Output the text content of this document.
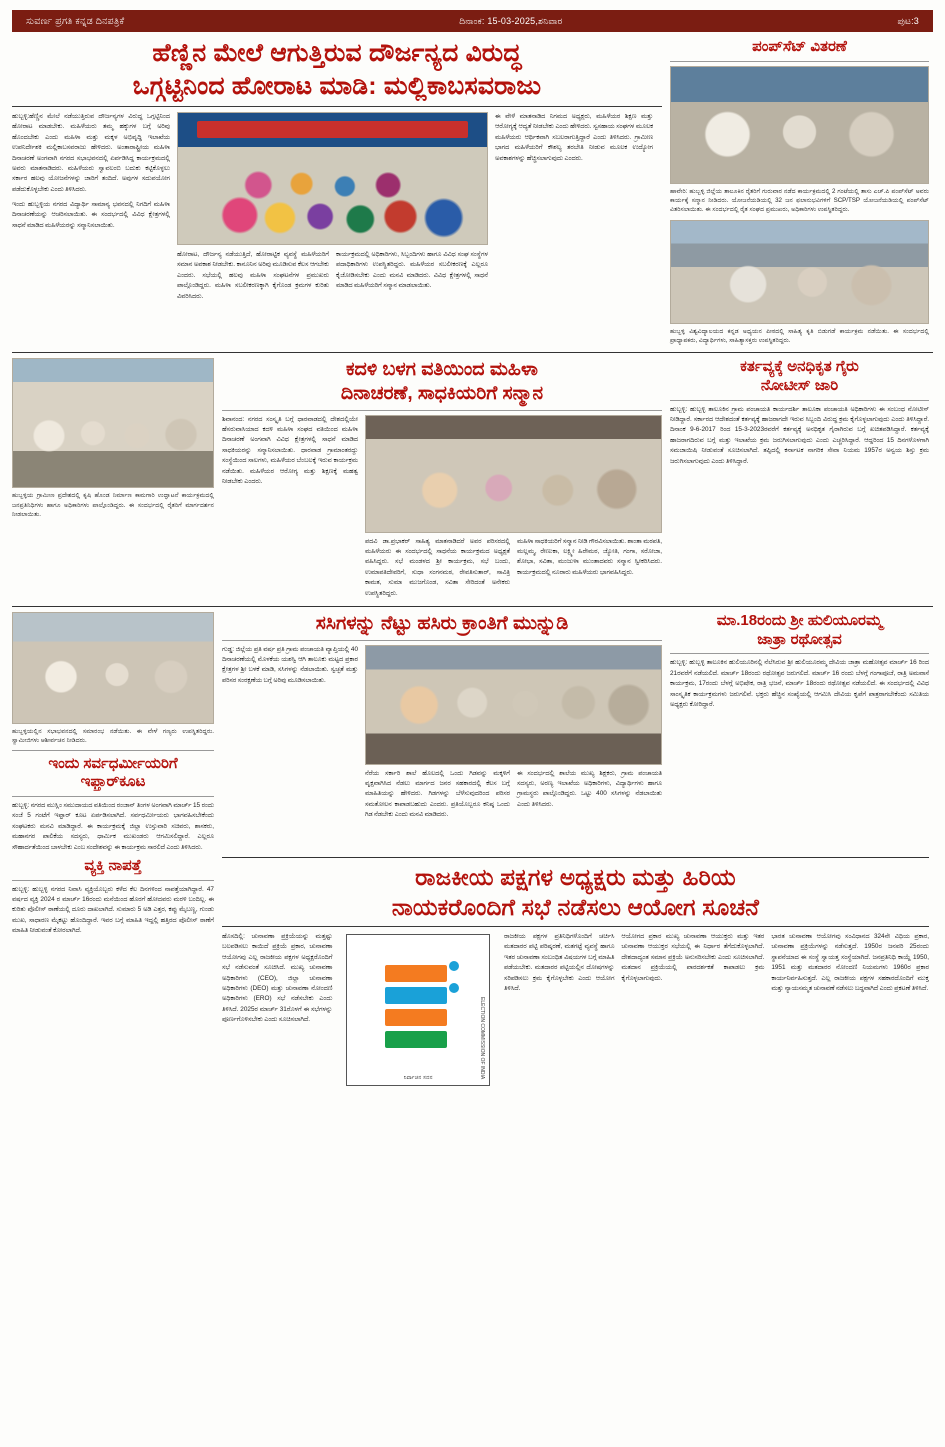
ಸುವರ್ಣ ಪ್ರಗತಿ ಕನ್ನಡ ದಿನಪತ್ರಿಕೆ	ದಿನಾಂಕ: 15-03-2025,ಶನಿವಾರ	ಪುಟ:3
ಹೆಣ್ಣಿನ ಮೇಲೆ ಆಗುತ್ತಿರುವ ದೌರ್ಜನ್ಯದ ವಿರುದ್ಧ
ಒಗ್ಗಟ್ಟಿನಿಂದ ಹೋರಾಟ ಮಾಡಿ: ಮಲ್ಲಿಕಾಬಸವರಾಜು
ಹುಬ್ಬಳ್ಳಿ:ಹೆಣ್ಣಿನ ಮೇಲೆ ನಡೆಯುತ್ತಿರುವ ದೌರ್ಜನ್ಯಗಳ ವಿರುದ್ಧ ಒಗ್ಗಟ್ಟಿನಿಂದ ಹೋರಾಟ ಮಾಡಬೇಕು. ಮಹಿಳೆಯರು ತಮ್ಮ ಹಕ್ಕುಗಳ ಬಗ್ಗೆ ಅರಿವು ಹೊಂದಬೇಕು ಎಂದು ಮಹಿಳಾ ಮತ್ತು ಮಕ್ಕಳ ಅಭಿವೃದ್ಧಿ ಇಲಾಖೆಯ ಉಪನಿರ್ದೇಶಕಿ ಮಲ್ಲಿಕಾಬಸವರಾಜು ಹೇಳಿದರು. ಅಂತಾರಾಷ್ಟ್ರೀಯ ಮಹಿಳಾ ದಿನಾಚರಣೆ ಅಂಗವಾಗಿ ನಗರದ ಸಭಾಭವನದಲ್ಲಿ ಏರ್ಪಡಿಸಿದ್ದ ಕಾರ್ಯಕ್ರಮದಲ್ಲಿ ಅವರು ಮಾತನಾಡಿದರು. ಮಹಿಳೆಯರು ಸ್ವಾವಲಂಬಿ ಬದುಕು ಕಟ್ಟಿಕೊಳ್ಳಲು ಸರ್ಕಾರ ಹಲವು ಯೋಜನೆಗಳನ್ನು ಜಾರಿಗೆ ತಂದಿದೆ. ಅವುಗಳ ಸದುಪಯೋಗ ಪಡೆದುಕೊಳ್ಳಬೇಕು ಎಂದು ತಿಳಿಸಿದರು.
ಇಂದು ಹುಬ್ಬಳ್ಳಿಯ ನಗರದ ವಿದ್ಯಾರ್ಥಿ ಸಾಮಾನ್ಯ ಭವನದಲ್ಲಿ ನಿಗದಿಗೆ ಮಹಿಳಾ ದಿನಾಚರಣೆಯನ್ನು ಆಚರಿಸಲಾಯಿತು. ಈ ಸಂದರ್ಭದಲ್ಲಿ ವಿವಿಧ ಕ್ಷೇತ್ರಗಳಲ್ಲಿ ಸಾಧನೆ ಮಾಡಿದ ಮಹಿಳೆಯರನ್ನು ಸನ್ಮಾನಿಸಲಾಯಿತು.
ಹೋರಾಟ, ದೌರ್ಜನ್ಯ ನಡೆಯುತ್ತಿದೆ, ಹೋರಾಟ್ಟಿಕ ವ್ಯವಸ್ಥೆ ಮಹಿಳೆಯರಿಗೆ ಸಮಾನ ಅವಕಾಶ ನೀಡಬೇಕು. ಕಾನೂನಿನ ಅರಿವು ಮೂಡಿಸುವ ಕೆಲಸ ಆಗಬೇಕು ಎಂದರು. ಸಭೆಯಲ್ಲಿ ಹಲವು ಮಹಿಳಾ ಸಂಘಟನೆಗಳ ಪ್ರಮುಖರು ಪಾಲ್ಗೊಂಡಿದ್ದರು. ಮಹಿಳಾ ಸಬಲೀಕರಣಕ್ಕಾಗಿ ಕೈಗೊಂಡ ಕ್ರಮಗಳ ಕುರಿತು ವಿವರಿಸಿದರು.
ಕಾರ್ಯಕ್ರಮದಲ್ಲಿ ಅಧಿಕಾರಿಗಳು, ಸಿಬ್ಬಂದಿಗಳು ಹಾಗೂ ವಿವಿಧ ಸಂಘ ಸಂಸ್ಥೆಗಳ ಪದಾಧಿಕಾರಿಗಳು ಉಪಸ್ಥಿತರಿದ್ದರು. ಮಹಿಳೆಯರ ಸಬಲೀಕರಣಕ್ಕೆ ಎಲ್ಲರೂ ಕೈಜೋಡಿಸಬೇಕು ಎಂದು ಮನವಿ ಮಾಡಿದರು. ವಿವಿಧ ಕ್ಷೇತ್ರಗಳಲ್ಲಿ ಸಾಧನೆ ಮಾಡಿದ ಮಹಿಳೆಯರಿಗೆ ಸನ್ಮಾನ ಮಾಡಲಾಯಿತು.
ಈ ವೇಳೆ ಮಾತನಾಡಿದ ನಿಗಮದ ಅಧ್ಯಕ್ಷರು, ಮಹಿಳೆಯರ ಶಿಕ್ಷಣ ಮತ್ತು ಆರೋಗ್ಯಕ್ಕೆ ಆದ್ಯತೆ ನೀಡಬೇಕು ಎಂದು ಹೇಳಿದರು. ಸ್ವಸಹಾಯ ಸಂಘಗಳ ಮೂಲಕ ಮಹಿಳೆಯರು ಆರ್ಥಿಕವಾಗಿ ಸಬಲರಾಗುತ್ತಿದ್ದಾರೆ ಎಂದು ತಿಳಿಸಿದರು. ಗ್ರಾಮೀಣ ಭಾಗದ ಮಹಿಳೆಯರಿಗೆ ಕೌಶಲ್ಯ ತರಬೇತಿ ನೀಡುವ ಮೂಲಕ ಉದ್ಯೋಗ ಅವಕಾಶಗಳನ್ನು ಹೆಚ್ಚಿಸಲಾಗುವುದು ಎಂದರು.
ಪಂಪ್‌ಸೆಟ್ ವಿತರಣೆ
ಹಾವೇರಿ: ಹುಬ್ಬಳ್ಳಿ ಜಿಲ್ಲೆಯ ತಾಲೂಕಿನ ರೈತರಿಗೆ ಗುರುವಾರ ನಡೆದ ಕಾರ್ಯಕ್ರಮದಲ್ಲಿ 2 ಗಂಟೆಯಲ್ಲಿ ತಾಸು ಎಚ್.ಪಿ ಪಂಪ್‌ಸೆಟ್ ಅವರು ಕಾರ್ಯಕ್ಕೆ ಸನ್ಮಾನ ನೀಡಿದರು. ಯೋಜನೆಯಡಿಯಲ್ಲಿ 32 ಜನ ಫಲಾನುಭವಿಗಳಿಗೆ SCP/TSP ಯೋಜನೆಯಡಿಯಲ್ಲಿ ಪಂಪ್‌ಸೆಟ್ ವಿತರಿಸಲಾಯಿತು. ಈ ಸಂದರ್ಭದಲ್ಲಿ ರೈತ ಸಂಘದ ಪ್ರಮುಖರು, ಅಧಿಕಾರಿಗಳು ಉಪಸ್ಥಿತರಿದ್ದರು.
ಹುಬ್ಬಳ್ಳಿ ವಿಶ್ವವಿದ್ಯಾಲಯದ ಕನ್ನಡ ಅಧ್ಯಯನ ಪೀಠದಲ್ಲಿ ಸಾಹಿತ್ಯ ಕೃತಿ ಬಿಡುಗಡೆ ಕಾರ್ಯಕ್ರಮ ನಡೆಯಿತು. ಈ ಸಂದರ್ಭದಲ್ಲಿ ಪ್ರಾಧ್ಯಾಪಕರು, ವಿದ್ಯಾರ್ಥಿಗಳು, ಸಾಹಿತ್ಯಾಸಕ್ತರು ಉಪಸ್ಥಿತರಿದ್ದರು.
ಹುಬ್ಬಳ್ಳಿಯ ಗ್ರಾಮೀಣ ಪ್ರದೇಶದಲ್ಲಿ ಕೃಷಿ ಹೊಂಡ ನಿರ್ಮಾಣ ಕಾಮಗಾರಿ ಉದ್ಘಾಟನೆ ಕಾರ್ಯಕ್ರಮದಲ್ಲಿ ಜನಪ್ರತಿನಿಧಿಗಳು ಹಾಗೂ ಅಧಿಕಾರಿಗಳು ಪಾಲ್ಗೊಂಡಿದ್ದರು. ಈ ಸಂದರ್ಭದಲ್ಲಿ ರೈತರಿಗೆ ಮಾರ್ಗದರ್ಶನ ನೀಡಲಾಯಿತು.
ಕದಳಿ ಬಳಗ ವತಿಯಿಂದ ಮಹಿಳಾ
ದಿನಾಚರಣೆ, ಸಾಧಕಿಯರಿಗೆ ಸನ್ಮಾನ
ಶಿವಾನಂದ: ನಗರದ ಸಂಸ್ಕೃತಿ ಬಗ್ಗೆ ಧಾರವಾಡದಲ್ಲಿ ದೇಶದಲ್ಲಿಯೇ ಹೆಸರುವಾಸಿಯಾದ ಕದಳಿ ಮಹಿಳಾ ಸಂಘದ ವತಿಯಿಂದ ಮಹಿಳಾ ದಿನಾಚರಣೆ ಅಂಗವಾಗಿ ವಿವಿಧ ಕ್ಷೇತ್ರಗಳಲ್ಲಿ ಸಾಧನೆ ಮಾಡಿದ ಸಾಧಕಿಯರನ್ನು ಸನ್ಮಾನಿಸಲಾಯಿತು. ಧಾರವಾಡ ಗ್ರಾಮಾಂತರದ್ದು ಸಂಸ್ಥೆಯಿಂದ ಸಾಲಗಳು, ಮಹಿಳೆಯರ ಬೆಂಬಲಕ್ಕೆ ಇರುವ ಕಾರ್ಯಕ್ರಮ ನಡೆಯಿತು. ಮಹಿಳೆಯರ ಆರೋಗ್ಯ ಮತ್ತು ಶಿಕ್ಷಣಕ್ಕೆ ಮಹತ್ವ ನೀಡಬೇಕು ಎಂದರು.
ಪದವಿ ಡಾ.ಪ್ರಭಾಕರ್ ಸಾಹಿತ್ಯ ಮಾತನಾಡಿದರೆ ಅವರ ಪರಿಸರದಲ್ಲಿ ಮಹಿಳೆಯರು ಈ ಸಂದರ್ಭದಲ್ಲಿ ಸಾಧನೆಯ ಕಾರ್ಯಕ್ರಮದ ಅಧ್ಯಕ್ಷತೆ ವಹಿಸಿದ್ದರು. ಸಭೆ ಮಂಡಳದ ಶ್ರೀ ಕಾರ್ಯಕ್ರಮ, ಸಭೆ ಬಂದು, ಉಮಾಪತಿದೇವರಿಗೆ, ಸುಧಾ ಸಂಗನಮಠ, ರೇವತಿಸುತಾರ್, ಸಾವಿತ್ರಿ ಕಾಮತ, ಸುಮಾ ಮುಜಗೊಂಡ, ಸವಿತಾ ಸೇರಿದಂತೆ ಅನೇಕರು ಉಪಸ್ಥಿತರಿದ್ದರು.
ಮಹಿಳಾ ಸಾಧಕಿಯರಿಗೆ ಸನ್ಮಾನ ನೀಡಿ ಗೌರವಿಸಲಾಯಿತು. ಶಾಂತಾ ಮಠಪತಿ, ಮಲ್ಲಮ್ಮ, ರೇಣುಕಾ, ಲಕ್ಷ್ಮೀ ಹಿರೇಮಠ, ಜ್ಯೋತಿ, ಗಂಗಾ, ಸರೋಜಾ, ಶೋಭಾ, ಸವಿತಾ, ಮಂಜುಳಾ ಮುಂತಾದವರು ಸನ್ಮಾನ ಸ್ವೀಕರಿಸಿದರು. ಕಾರ್ಯಕ್ರಮದಲ್ಲಿ ನೂರಾರು ಮಹಿಳೆಯರು ಭಾಗವಹಿಸಿದ್ದರು.
ಕರ್ತವ್ಯಕ್ಕೆ ಅನಧಿಕೃತ ಗೈರು
ನೋಟೀಸ್ ಜಾರಿ
ಹುಬ್ಬಳ್ಳಿ: ಹುಬ್ಬಳ್ಳಿ ತಾಲೂಕಿನ ಗ್ರಾಮ ಪಂಚಾಯತಿ ಕಾರ್ಯದರ್ಶಿ ತಾಲೂಕಾ ಪಂಚಾಯತಿ ಅಧಿಕಾರಿಗಳು ಈ ಸಂಬಂಧ ನೋಟೀಸ್ ನೀಡಿದ್ದಾರೆ. ಸರ್ಕಾರದ ಆದೇಶದಂತೆ ಕರ್ತವ್ಯಕ್ಕೆ ಹಾಜರಾಗದೇ ಇರುವ ಸಿಬ್ಬಂದಿ ವಿರುದ್ಧ ಕ್ರಮ ಕೈಗೊಳ್ಳಲಾಗುವುದು ಎಂದು ತಿಳಿಸಿದ್ದಾರೆ. ದಿನಾಂಕ 9-6-2017 ರಿಂದ 15-3-2023ರವರೆಗೆ ಕರ್ತವ್ಯಕ್ಕೆ ಅನಧಿಕೃತ ಗೈರಾಗಿರುವ ಬಗ್ಗೆ ಖಚಿತಪಡಿಸಿದ್ದಾರೆ. ಕರ್ತವ್ಯಕ್ಕೆ ಹಾಜರಾಗದಿರುವ ಬಗ್ಗೆ ಮತ್ತು ಇಲಾಖೆಯ ಕ್ರಮ ಜರುಗಿಸಲಾಗುವುದು ಎಂದು ಎಚ್ಚರಿಸಿದ್ದಾರೆ. ಆದ್ದರಿಂದ 15 ದಿನಗಳೊಳಗಾಗಿ ಸಮಜಾಯಿಷಿ ನೀಡುವಂತೆ ಸೂಚಿಸಲಾಗಿದೆ. ತಪ್ಪಿದಲ್ಲಿ ಕರ್ನಾಟಕ ನಾಗರಿಕ ಸೇವಾ ನಿಯಮ 1957ರ ಅನ್ವಯ ಶಿಸ್ತು ಕ್ರಮ ಜರುಗಿಸಲಾಗುವುದು ಎಂದು ತಿಳಿಸಿದ್ದಾರೆ.
ಹುಬ್ಬಳ್ಳಿಯಲ್ಲಿನ ಸಭಾಭವನದಲ್ಲಿ ಸಮಾರಂಭ ನಡೆಯಿತು. ಈ ವೇಳೆ ಗಣ್ಯರು ಉಪಸ್ಥಿತರಿದ್ದರು. ಸ್ವಾಮೀಜಿಗಳು ಆಶೀರ್ವಚನ ನೀಡಿದರು.
ಇಂದು ಸರ್ವಧರ್ಮೀಯರಿಗೆ
ಇಫ್ತಾರ್‌ಕೂಟ
ಹುಬ್ಬಳ್ಳಿ: ನಗರದ ಮುಸ್ಲಿಂ ಸಮುದಾಯದ ವತಿಯಿಂದ ರಂಜಾನ್ ತಿಂಗಳ ಅಂಗವಾಗಿ ಮಾರ್ಚ್ 15 ರಂದು ಸಂಜೆ 5 ಗಂಟೆಗೆ ಇಫ್ತಾರ್ ಕೂಟ ಏರ್ಪಡಿಸಲಾಗಿದೆ. ಸರ್ವಧರ್ಮೀಯರು ಭಾಗವಹಿಸಬೇಕೆಂದು ಸಂಘಟಕರು ಮನವಿ ಮಾಡಿದ್ದಾರೆ. ಈ ಕಾರ್ಯಕ್ರಮಕ್ಕೆ ಜಿಲ್ಲಾ ಉಸ್ತುವಾರಿ ಸಚಿವರು, ಶಾಸಕರು, ಮಹಾನಗರ ಪಾಲಿಕೆಯ ಸದಸ್ಯರು, ಧಾರ್ಮಿಕ ಮುಖಂಡರು ಆಗಮಿಸಲಿದ್ದಾರೆ. ಎಲ್ಲರೂ ಸೌಹಾರ್ದತೆಯಿಂದ ಬಾಳಬೇಕು ಎಂಬ ಸಂದೇಶವನ್ನು ಈ ಕಾರ್ಯಕ್ರಮ ಸಾರಲಿದೆ ಎಂದು ತಿಳಿಸಿದರು.
ಸಸಿಗಳನ್ನು ನೆಟ್ಟು ಹಸಿರು ಕ್ರಾಂತಿಗೆ ಮುನ್ನುಡಿ
ಗುಡ್ಡ: ಜಿಲ್ಲೆಯ ಪ್ರತಿ ವರ್ಷ ಪ್ರತಿ ಗ್ರಾಮ ಪಂಚಾಯತಿ ವ್ಯಾಪ್ತಿಯಲ್ಲಿ 40 ದಿನಾಚರಣೆಯಲ್ಲಿ ಮೊಳಕೆಯ ಯಶಸ್ವಿ ಆಗಿ ತಾಲೂಕು ಮಟ್ಟದ ಪ್ರಕಾರ ಕ್ಷೇತ್ರಗಳ ಶ್ರೀ ಬಳಕೆ ಮಾಡಿ, ಸಸಿಗಳನ್ನು ನೆಡಲಾಯಿತು. ಸ್ವಚ್ಛತೆ ಮತ್ತು ಪರಿಸರ ಸಂರಕ್ಷಣೆಯ ಬಗ್ಗೆ ಅರಿವು ಮೂಡಿಸಲಾಯಿತು.
ನೆರೆಯ ಸರ್ಕಾರಿ ಶಾಲೆ ಹೊಲದಲ್ಲಿ ಒಂದು ಗಿಡವನ್ನು ಮಕ್ಕಳಿಗೆ ವೃಕ್ಷವಾಗಿಸಿದ ನೆಡಲು ಮಾರ್ಗದ ಜನರ ಸಹಕಾರದಲ್ಲಿ ಕೆಲಸ ಬಗ್ಗೆ ಮಾಹಿತಿಯನ್ನು ಹೇಳಿದರು. ಗಿಡಗಳನ್ನು ಬೆಳೆಸುವುದರಿಂದ ಪರಿಸರ ಸಮತೋಲನ ಕಾಪಾಡಬಹುದು ಎಂದರು. ಪ್ರತಿಯೊಬ್ಬರೂ ಕನಿಷ್ಠ ಒಂದು ಗಿಡ ನೆಡಬೇಕು ಎಂದು ಮನವಿ ಮಾಡಿದರು.
ಈ ಸಂದರ್ಭದಲ್ಲಿ ಶಾಲೆಯ ಮುಖ್ಯ ಶಿಕ್ಷಕರು, ಗ್ರಾಮ ಪಂಚಾಯತಿ ಸದಸ್ಯರು, ಅರಣ್ಯ ಇಲಾಖೆಯ ಅಧಿಕಾರಿಗಳು, ವಿದ್ಯಾರ್ಥಿಗಳು ಹಾಗೂ ಗ್ರಾಮಸ್ಥರು ಪಾಲ್ಗೊಂಡಿದ್ದರು. ಒಟ್ಟು 400 ಸಸಿಗಳನ್ನು ನೆಡಲಾಯಿತು ಎಂದು ತಿಳಿಸಿದರು.
ಮಾ.18ರಂದು ಶ್ರೀ ಹುಲಿಯೂರಮ್ಮ
ಜಾತ್ರಾ ರಥೋತ್ಸವ
ಹುಬ್ಬಳ್ಳಿ: ಹುಬ್ಬಳ್ಳಿ ತಾಲೂಕಿನ ಹುಲಿಯೂರಿನಲ್ಲಿ ನೆಲೆಸಿರುವ ಶ್ರೀ ಹುಲಿಯೂರಮ್ಮ ದೇವಿಯ ಜಾತ್ರಾ ಮಹೋತ್ಸವ ಮಾರ್ಚ್ 16 ರಿಂದ 21ರವರೆಗೆ ನಡೆಯಲಿದೆ. ಮಾರ್ಚ್ 18ರಂದು ರಥೋತ್ಸವ ಜರುಗಲಿದೆ. ಮಾರ್ಚ್ 16 ರಂದು ಬೆಳಗ್ಗೆ ಗಂಗಾಪೂಜೆ, ರಾತ್ರಿ ಅಮವಾಸೆ ಕಾರ್ಯಕ್ರಮ, 17ರಂದು ಬೆಳಗ್ಗೆ ಅಭಿಷೇಕ, ರಾತ್ರಿ ಭಜನೆ, ಮಾರ್ಚ್ 18ರಂದು ರಥೋತ್ಸವ ನಡೆಯಲಿದೆ. ಈ ಸಂದರ್ಭದಲ್ಲಿ ವಿವಿಧ ಸಾಂಸ್ಕೃತಿಕ ಕಾರ್ಯಕ್ರಮಗಳು ಜರುಗಲಿವೆ. ಭಕ್ತರು ಹೆಚ್ಚಿನ ಸಂಖ್ಯೆಯಲ್ಲಿ ಆಗಮಿಸಿ ದೇವಿಯ ಕೃಪೆಗೆ ಪಾತ್ರರಾಗಬೇಕೆಂದು ಸಮಿತಿಯ ಅಧ್ಯಕ್ಷರು ಕೋರಿದ್ದಾರೆ.
ವ್ಯಕ್ತಿ ನಾಪತ್ತೆ
ಹುಬ್ಬಳ್ಳಿ: ಹುಬ್ಬಳ್ಳಿ ನಗರದ ನಿವಾಸಿ ವ್ಯಕ್ತಿಯೊಬ್ಬರು ಕಳೆದ ಕೆಲ ದಿನಗಳಿಂದ ನಾಪತ್ತೆಯಾಗಿದ್ದಾರೆ. 47 ವರ್ಷದ ವ್ಯಕ್ತಿ 2024 ರ ಮಾರ್ಚ್ 16ರಂದು ಮನೆಯಿಂದ ಹೊರಗೆ ಹೋದವರು ಮರಳಿ ಬಂದಿಲ್ಲ. ಈ ಕುರಿತು ಪೊಲೀಸ್ ಠಾಣೆಯಲ್ಲಿ ದೂರು ದಾಖಲಾಗಿದೆ. ಸುಮಾರು 5 ಅಡಿ ಎತ್ತರ, ಕಪ್ಪು ಮೈಬಣ್ಣ, ಗುಂಡು ಮುಖ, ಸಾಧಾರಣ ಮೈಕಟ್ಟು ಹೊಂದಿದ್ದಾರೆ. ಇವರ ಬಗ್ಗೆ ಮಾಹಿತಿ ಇದ್ದಲ್ಲಿ ಹತ್ತಿರದ ಪೊಲೀಸ್ ಠಾಣೆಗೆ ಮಾಹಿತಿ ನೀಡುವಂತೆ ಕೋರಲಾಗಿದೆ.
ರಾಜಕೀಯ ಪಕ್ಷಗಳ ಅಧ್ಯಕ್ಷರು ಮತ್ತು ಹಿರಿಯ
ನಾಯಕರೊಂದಿಗೆ ಸಭೆ ನಡೆಸಲು ಆಯೋಗ ಸೂಚನೆ
ಹೊಸದಿಲ್ಲಿ: ಚುನಾವಣಾ ಪ್ರಕ್ರಿಯೆಯನ್ನು ಮತ್ತಷ್ಟು ಬಲಪಡಿಸಲು ಕಾಯಿದೆ ಪ್ರಕ್ರಿಯೆ ಪ್ರಕಾರ, ಚುನಾವಣಾ ಆಯೋಗವು ಎಲ್ಲ ರಾಜಕೀಯ ಪಕ್ಷಗಳ ಅಧ್ಯಕ್ಷರೊಂದಿಗೆ ಸಭೆ ನಡೆಸುವಂತೆ ಸೂಚಿಸಿದೆ. ಮುಖ್ಯ ಚುನಾವಣಾ ಅಧಿಕಾರಿಗಳು (CEO), ಜಿಲ್ಲಾ ಚುನಾವಣಾ ಅಧಿಕಾರಿಗಳು (DEO) ಮತ್ತು ಚುನಾವಣಾ ನೋಂದಣಿ ಅಧಿಕಾರಿಗಳು (ERO) ಸಭೆ ನಡೆಸಬೇಕು ಎಂದು ತಿಳಿಸಿದೆ. 2025ರ ಮಾರ್ಚ್ 31ರೊಳಗೆ ಈ ಸಭೆಗಳನ್ನು ಪೂರ್ಣಗೊಳಿಸಬೇಕು ಎಂದು ಸೂಚಿಸಲಾಗಿದೆ.	ELECTION COMMISSION OF INDIA
ನಿರ್ವಾಚನ ಸದನ
ರಾಜಕೀಯ ಪಕ್ಷಗಳ ಪ್ರತಿನಿಧಿಗಳೊಂದಿಗೆ ಚರ್ಚಿಸಿ ಮತದಾರರ ಪಟ್ಟಿ ಪರಿಷ್ಕರಣೆ, ಮತಗಟ್ಟೆ ವ್ಯವಸ್ಥೆ ಹಾಗೂ ಇತರ ಚುನಾವಣಾ ಸಂಬಂಧಿತ ವಿಷಯಗಳ ಬಗ್ಗೆ ಮಾಹಿತಿ ಪಡೆಯಬೇಕು. ಮತದಾರರ ಪಟ್ಟಿಯಲ್ಲಿನ ದೋಷಗಳನ್ನು ಸರಿಪಡಿಸಲು ಕ್ರಮ ಕೈಗೊಳ್ಳಬೇಕು ಎಂದು ಆಯೋಗ ತಿಳಿಸಿದೆ.
ಆಯೋಗದ ಪ್ರಕಾರ ಮುಖ್ಯ ಚುನಾವಣಾ ಆಯುಕ್ತರು ಮತ್ತು ಇತರ ಚುನಾವಣಾ ಆಯುಕ್ತರ ಸಭೆಯಲ್ಲಿ ಈ ನಿರ್ಧಾರ ತೆಗೆದುಕೊಳ್ಳಲಾಗಿದೆ. ದೇಶದಾದ್ಯಂತ ಸಮಾನ ಪ್ರಕ್ರಿಯೆ ಅನುಸರಿಸಬೇಕು ಎಂದು ಸೂಚಿಸಲಾಗಿದೆ. ಮತದಾನ ಪ್ರಕ್ರಿಯೆಯಲ್ಲಿ ಪಾರದರ್ಶಕತೆ ಕಾಪಾಡಲು ಕ್ರಮ ಕೈಗೊಳ್ಳಲಾಗುವುದು.
ಭಾರತ ಚುನಾವಣಾ ಆಯೋಗವು ಸಂವಿಧಾನದ 324ನೇ ವಿಧಿಯ ಪ್ರಕಾರ, ಚುನಾವಣಾ ಪ್ರಕ್ರಿಯೆಗಳನ್ನು ನಡೆಸುತ್ತದೆ. 1950ರ ಜನವರಿ 25ರಂದು ಸ್ಥಾಪನೆಯಾದ ಈ ಸಂಸ್ಥೆ ಸ್ವಾಯತ್ತ ಸಂಸ್ಥೆಯಾಗಿದೆ. ಜನಪ್ರತಿನಿಧಿ ಕಾಯ್ದೆ 1950, 1951 ಮತ್ತು ಮತದಾರರ ನೋಂದಣಿ ನಿಯಮಗಳು 1960ರ ಪ್ರಕಾರ ಕಾರ್ಯನಿರ್ವಹಿಸುತ್ತದೆ. ಎಲ್ಲ ರಾಜಕೀಯ ಪಕ್ಷಗಳ ಸಹಕಾರದೊಂದಿಗೆ ಮುಕ್ತ ಮತ್ತು ನ್ಯಾಯಸಮ್ಮತ ಚುನಾವಣೆ ನಡೆಸಲು ಬದ್ಧವಾಗಿದೆ ಎಂದು ಪ್ರಕಟಣೆ ತಿಳಿಸಿದೆ.
